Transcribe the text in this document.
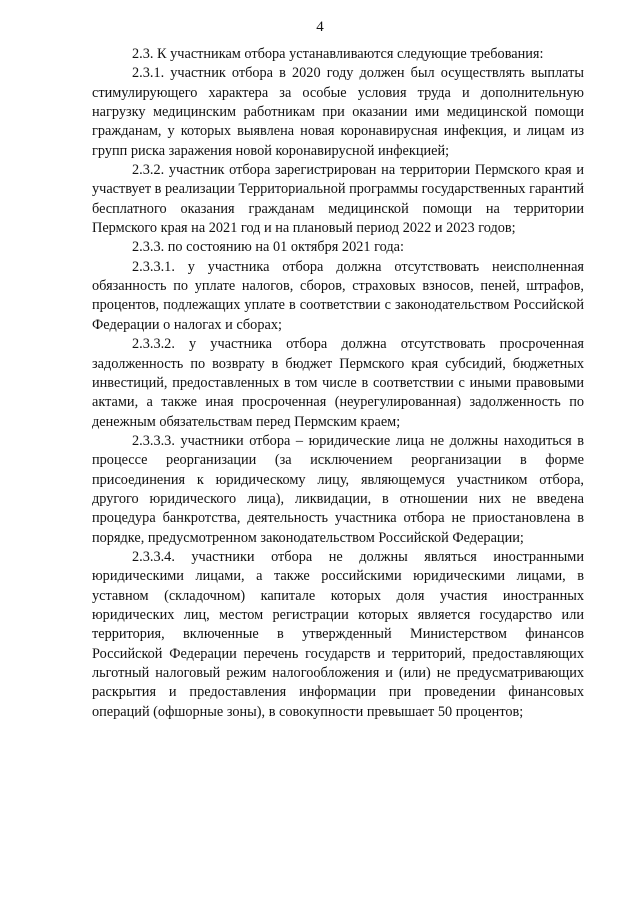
4

2.3. К участникам отбора устанавливаются следующие требования:

2.3.1. участник отбора в 2020 году должен был осуществлять выплаты стимулирующего характера за особые условия труда и дополнительную нагрузку медицинским работникам при оказании ими медицинской помощи гражданам, у которых выявлена новая коронавирусная инфекция, и лицам из групп риска заражения новой коронавирусной инфекцией;

2.3.2. участник отбора зарегистрирован на территории Пермского края и участвует в реализации Территориальной программы государственных гарантий бесплатного оказания гражданам медицинской помощи на территории Пермского края на 2021 год и на плановый период 2022 и 2023 годов;

2.3.3. по состоянию на 01 октября 2021 года:

2.3.3.1. у участника отбора должна отсутствовать неисполненная обязанность по уплате налогов, сборов, страховых взносов, пеней, штрафов, процентов, подлежащих уплате в соответствии с законодательством Российской Федерации о налогах и сборах;

2.3.3.2. у участника отбора должна отсутствовать просроченная задолженность по возврату в бюджет Пермского края субсидий, бюджетных инвестиций, предоставленных в том числе в соответствии с иными правовыми актами, а также иная просроченная (неурегулированная) задолженность по денежным обязательствам перед Пермским краем;

2.3.3.3. участники отбора – юридические лица не должны находиться в процессе реорганизации (за исключением реорганизации в форме присоединения к юридическому лицу, являющемуся участником отбора, другого юридического лица), ликвидации, в отношении них не введена процедура банкротства, деятельность участника отбора не приостановлена в порядке, предусмотренном законодательством Российской Федерации;

2.3.3.4. участники отбора не должны являться иностранными юридическими лицами, а также российскими юридическими лицами, в уставном (складочном) капитале которых доля участия иностранных юридических лиц, местом регистрации которых является государство или территория, включенные в утвержденный Министерством финансов Российской Федерации перечень государств и территорий, предоставляющих льготный налоговый режим налогообложения и (или) не предусматривающих раскрытия и предоставления информации при проведении финансовых операций (офшорные зоны), в совокупности превышает 50 процентов;
